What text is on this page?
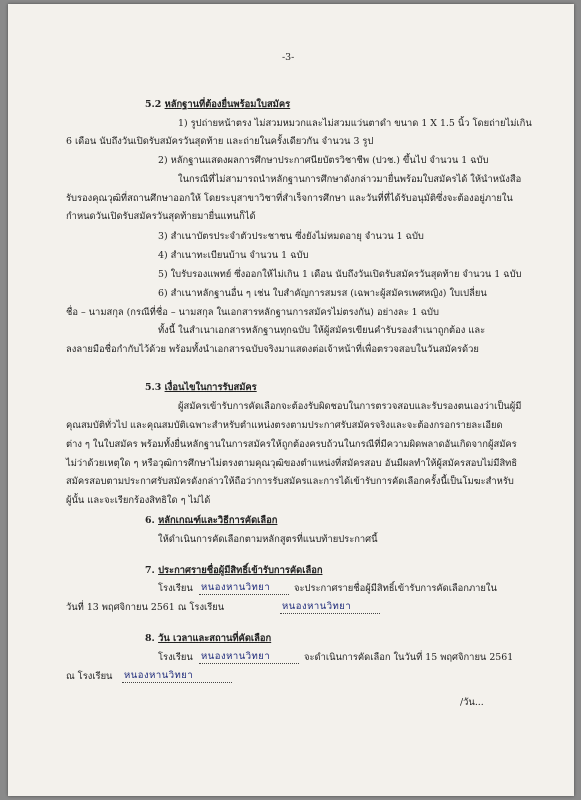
-3-
5.2 หลักฐานที่ต้องยื่นพร้อมใบสมัคร
1) รูปถ่ายหน้าตรง ไม่สวมหมวกและไม่สวมแว่นตาดำ ขนาด 1 X 1.5 นิ้ว โดยถ่ายไม่เกิน
6 เดือน นับถึงวันเปิดรับสมัครวันสุดท้าย และถ่ายในครั้งเดียวกัน จำนวน 3 รูป
2) หลักฐานแสดงผลการศึกษาประกาศนียบัตรวิชาชีพ (ปวช.) ขึ้นไป จำนวน 1 ฉบับ
ในกรณีที่ไม่สามารถนำหลักฐานการศึกษาดังกล่าวมายื่นพร้อมใบสมัครได้ ให้นำหนังสือ
รับรองคุณวุฒิที่สถานศึกษาออกให้ โดยระบุสาขาวิชาที่สำเร็จการศึกษา และวันที่ที่ได้รับอนุมัติซึ่งจะต้องอยู่ภายใน
กำหนดวันเปิดรับสมัครวันสุดท้ายมายื่นแทนก็ได้
3) สำเนาบัตรประจำตัวประชาชน ซึ่งยังไม่หมดอายุ จำนวน 1 ฉบับ
4) สำเนาทะเบียนบ้าน จำนวน 1 ฉบับ
5) ใบรับรองแพทย์ ซึ่งออกให้ไม่เกิน 1 เดือน นับถึงวันเปิดรับสมัครวันสุดท้าย จำนวน 1 ฉบับ
6) สำเนาหลักฐานอื่น ๆ เช่น ใบสำคัญการสมรส (เฉพาะผู้สมัครเพศหญิง) ใบเปลี่ยน
ชื่อ – นามสกุล (กรณีที่ชื่อ – นามสกุล ในเอกสารหลักฐานการสมัครไม่ตรงกัน) อย่างละ 1 ฉบับ
ทั้งนี้ ในสำเนาเอกสารหลักฐานทุกฉบับ ให้ผู้สมัครเขียนคำรับรองสำเนาถูกต้อง และ
ลงลายมือชื่อกำกับไว้ด้วย พร้อมทั้งนำเอกสารฉบับจริงมาแสดงต่อเจ้าหน้าที่เพื่อตรวจสอบในวันสมัครด้วย
5.3 เงื่อนไขในการรับสมัคร
ผู้สมัครเข้ารับการคัดเลือกจะต้องรับผิดชอบในการตรวจสอบและรับรองตนเองว่าเป็นผู้มี
คุณสมบัติทั่วไป และคุณสมบัติเฉพาะสำหรับตำแหน่งตรงตามประกาศรับสมัครจริงและจะต้องกรอกรายละเอียด
ต่าง ๆ ในใบสมัคร พร้อมทั้งยื่นหลักฐานในการสมัครให้ถูกต้องครบถ้วนในกรณีที่มีความผิดพลาดอันเกิดจากผู้สมัคร
ไม่ว่าด้วยเหตุใด ๆ หรือวุฒิการศึกษาไม่ตรงตามคุณวุฒิของตำแหน่งที่สมัครสอบ อันมีผลทำให้ผู้สมัครสอบไม่มีสิทธิ
สมัครสอบตามประกาศรับสมัครดังกล่าวให้ถือว่าการรับสมัครและการได้เข้ารับการคัดเลือกครั้งนี้เป็นโมฆะสำหรับ
ผู้นั้น และจะเรียกร้องสิทธิใด ๆ ไม่ได้
6. หลักเกณฑ์และวิธีการคัดเลือก
ให้ดำเนินการคัดเลือกตามหลักสูตรที่แนบท้ายประกาศนี้
7. ประกาศรายชื่อผู้มีสิทธิ์เข้ารับการคัดเลือก
โรงเรียน หนองหานวิทยา	จะประกาศรายชื่อผู้มีสิทธิ์เข้ารับการคัดเลือกภายใน
วันที่ 13 พฤศจิกายน 2561 ณ โรงเรียน	หนองหานวิทยา
8. วัน เวลาและสถานที่คัดเลือก
โรงเรียน หนองหานวิทยา	จะดำเนินการคัดเลือก ในวันที่ 15 พฤศจิกายน 2561
ณ โรงเรียน หนองหานวิทยา
/วัน...
